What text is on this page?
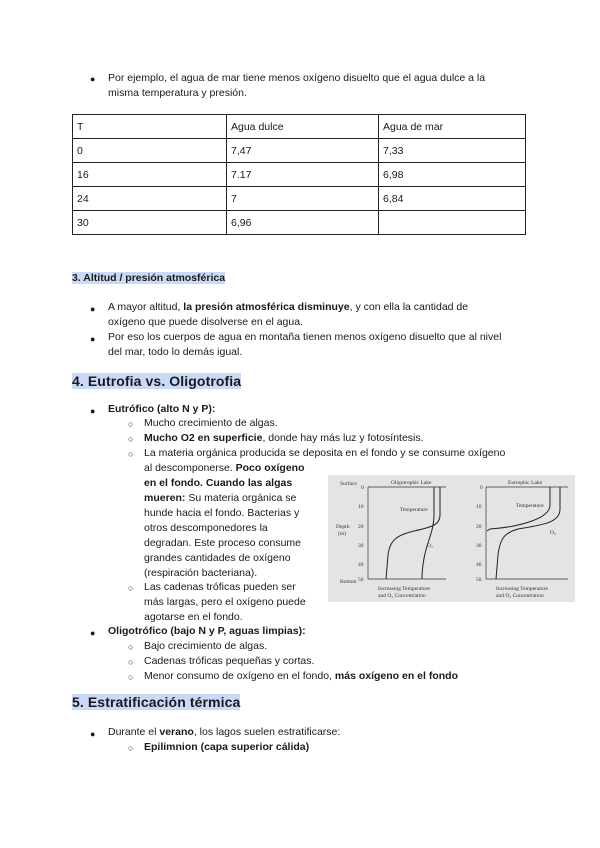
● Por ejemplo, el agua de mar tiene menos oxígeno disuelto que el agua dulce a la

misma temperatura y presión.

T	Agua dulce	Agua de mar
0	7,47	7,33
16	7.17	6,98
24	7	6,84
30	6,96	
3. Altitud / presión atmosférica
● A mayor altitud, la presión atmosférica disminuye, y con ella la cantidad de

oxígeno que puede disolverse en el agua.

● Por eso los cuerpos de agua en montaña tienen menos oxígeno disuelto que al nivel

del mar, todo lo demás igual.

4. Eutrofia vs. Oligotrofia
● Eutrófico (alto N y P):

○ Mucho crecimiento de algas.

○ Mucho O2 en superficie, donde hay más luz y fotosíntesis.

○ La materia orgánica producida se deposita en el fondo y se consume oxígeno

al descomponerse. Poco oxígeno

en el fondo. Cuando las algas

mueren: Su materia orgánica se

hunde hacia el fondo. Bacterias y

otros descomponedores la

degradan. Este proceso consume

grandes cantidades de oxígeno

(respiración bacteriana).

○ Las cadenas tróficas pueden ser

más largas, pero el oxígeno puede

agotarse en el fondo.

● Oligotrófico (bajo N y P, aguas limpias):

○ Bajo crecimiento de algas.

○ Cadenas tróficas pequeñas y cortas.

○ Menor consumo de oxígeno en el fondo, más oxígeno en el fondo

Surface	Oligotrophic Lake
Depth
(m)
Bottom
0
10
20
30
40
50
Temperature
O₂
Increasing Temperature
and O₂ Concentration
Eutrophic Lake
0
10
20
30
40
50
Temperature
O₂
Increasing Temperature
and O₂ Concentration
5. Estratificación térmica
● Durante el verano, los lagos suelen estratificarse:

○ Epilimnion (capa superior cálida)
